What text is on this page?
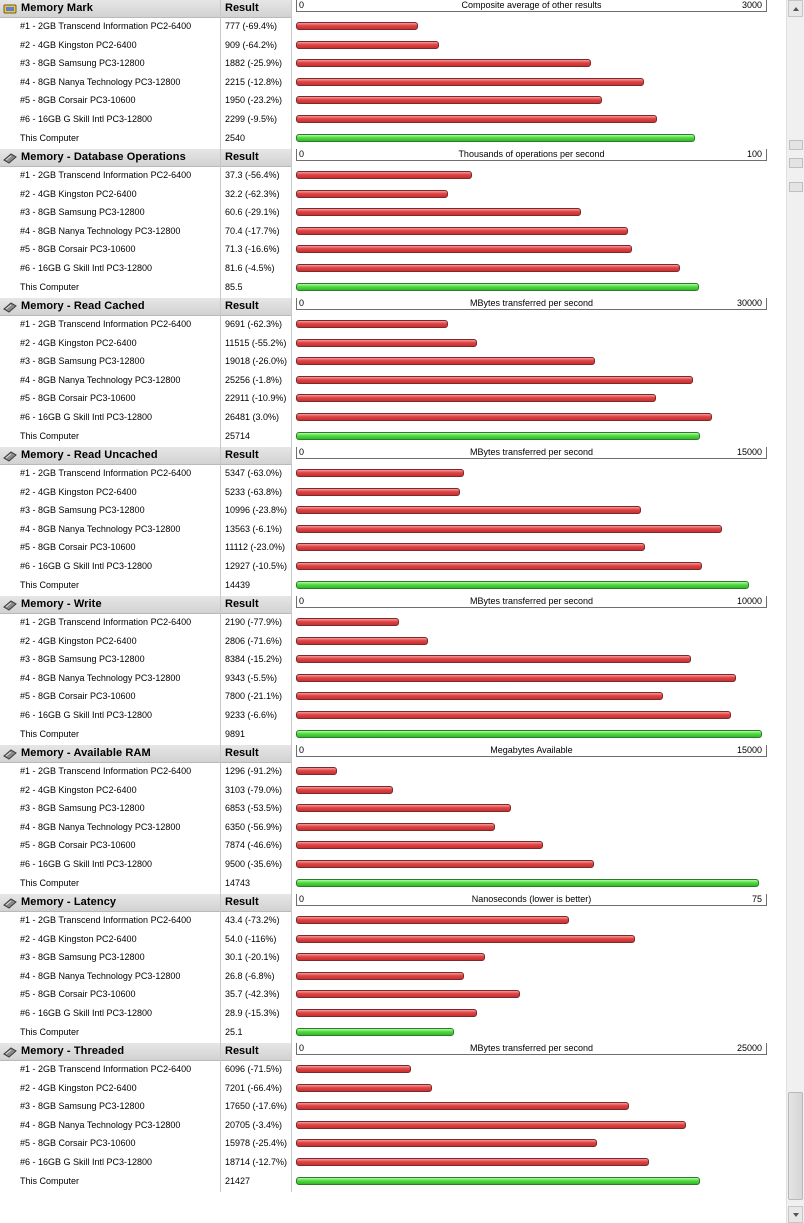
Memory Mark	Result	0	Composite average of other results	3000
#1 - 2GB Transcend Information PC2-6400	777 (-69.4%)
#2 - 4GB Kingston PC2-6400	909 (-64.2%)
#3 - 8GB Samsung PC3-12800	1882 (-25.9%)
#4 - 8GB Nanya Technology PC3-12800	2215 (-12.8%)
#5 - 8GB Corsair PC3-10600	1950 (-23.2%)
#6 - 16GB G Skill Intl PC3-12800	2299 (-9.5%)
This Computer	2540
Memory - Database Operations	Result	0	Thousands of operations per second	100
#1 - 2GB Transcend Information PC2-6400	37.3 (-56.4%)
#2 - 4GB Kingston PC2-6400	32.2 (-62.3%)
#3 - 8GB Samsung PC3-12800	60.6 (-29.1%)
#4 - 8GB Nanya Technology PC3-12800	70.4 (-17.7%)
#5 - 8GB Corsair PC3-10600	71.3 (-16.6%)
#6 - 16GB G Skill Intl PC3-12800	81.6 (-4.5%)
This Computer	85.5
Memory - Read Cached	Result	0	MBytes transferred per second	30000
#1 - 2GB Transcend Information PC2-6400	9691 (-62.3%)
#2 - 4GB Kingston PC2-6400	11515 (-55.2%)
#3 - 8GB Samsung PC3-12800	19018 (-26.0%)
#4 - 8GB Nanya Technology PC3-12800	25256 (-1.8%)
#5 - 8GB Corsair PC3-10600	22911 (-10.9%)
#6 - 16GB G Skill Intl PC3-12800	26481 (3.0%)
This Computer	25714
Memory - Read Uncached	Result	0	MBytes transferred per second	15000
#1 - 2GB Transcend Information PC2-6400	5347 (-63.0%)
#2 - 4GB Kingston PC2-6400	5233 (-63.8%)
#3 - 8GB Samsung PC3-12800	10996 (-23.8%)
#4 - 8GB Nanya Technology PC3-12800	13563 (-6.1%)
#5 - 8GB Corsair PC3-10600	11112 (-23.0%)
#6 - 16GB G Skill Intl PC3-12800	12927 (-10.5%)
This Computer	14439
Memory - Write	Result	0	MBytes transferred per second	10000
#1 - 2GB Transcend Information PC2-6400	2190 (-77.9%)
#2 - 4GB Kingston PC2-6400	2806 (-71.6%)
#3 - 8GB Samsung PC3-12800	8384 (-15.2%)
#4 - 8GB Nanya Technology PC3-12800	9343 (-5.5%)
#5 - 8GB Corsair PC3-10600	7800 (-21.1%)
#6 - 16GB G Skill Intl PC3-12800	9233 (-6.6%)
This Computer	9891
Memory - Available RAM	Result	0	Megabytes Available	15000
#1 - 2GB Transcend Information PC2-6400	1296 (-91.2%)
#2 - 4GB Kingston PC2-6400	3103 (-79.0%)
#3 - 8GB Samsung PC3-12800	6853 (-53.5%)
#4 - 8GB Nanya Technology PC3-12800	6350 (-56.9%)
#5 - 8GB Corsair PC3-10600	7874 (-46.6%)
#6 - 16GB G Skill Intl PC3-12800	9500 (-35.6%)
This Computer	14743
Memory - Latency	Result	0	Nanoseconds (lower is better)	75
#1 - 2GB Transcend Information PC2-6400	43.4 (-73.2%)
#2 - 4GB Kingston PC2-6400	54.0 (-116%)
#3 - 8GB Samsung PC3-12800	30.1 (-20.1%)
#4 - 8GB Nanya Technology PC3-12800	26.8 (-6.8%)
#5 - 8GB Corsair PC3-10600	35.7 (-42.3%)
#6 - 16GB G Skill Intl PC3-12800	28.9 (-15.3%)
This Computer	25.1
Memory - Threaded	Result	0	MBytes transferred per second	25000
#1 - 2GB Transcend Information PC2-6400	6096 (-71.5%)
#2 - 4GB Kingston PC2-6400	7201 (-66.4%)
#3 - 8GB Samsung PC3-12800	17650 (-17.6%)
#4 - 8GB Nanya Technology PC3-12800	20705 (-3.4%)
#5 - 8GB Corsair PC3-10600	15978 (-25.4%)
#6 - 16GB G Skill Intl PC3-12800	18714 (-12.7%)
This Computer	21427
